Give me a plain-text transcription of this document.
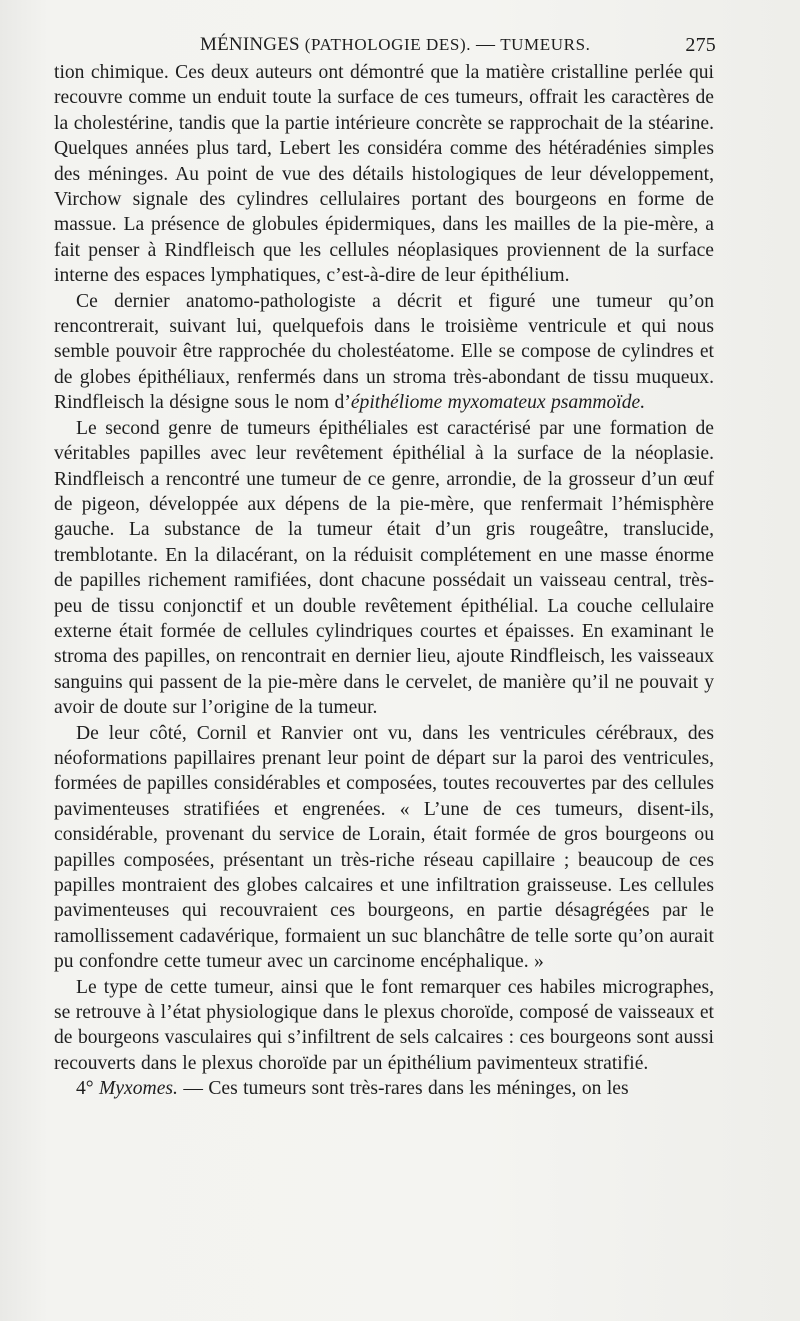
MÉNINGES (PATHOLOGIE DES). — TUMEURS.	275

tion chimique. Ces deux auteurs ont démontré que la matière cristalline perlée qui recouvre comme un enduit toute la surface de ces tumeurs, offrait les caractères de la cholestérine, tandis que la partie intérieure concrète se rapprochait de la stéarine. Quelques années plus tard, Lebert les considéra comme des hétéradénies simples des méninges. Au point de vue des détails histologiques de leur développement, Virchow signale des cylindres cellulaires portant des bourgeons en forme de massue. La présence de globules épidermiques, dans les mailles de la pie-mère, a fait penser à Rindfleisch que les cellules néoplasiques proviennent de la surface interne des espaces lymphatiques, c’est-à-dire de leur épithélium.

Ce dernier anatomo-pathologiste a décrit et figuré une tumeur qu’on rencontrerait, suivant lui, quelquefois dans le troisième ventricule et qui nous semble pouvoir être rapprochée du cholestéatome. Elle se compose de cylindres et de globes épithéliaux, renfermés dans un stroma très-abondant de tissu muqueux. Rindfleisch la désigne sous le nom d’épithéliome myxomateux psammoïde.

Le second genre de tumeurs épithéliales est caractérisé par une formation de véritables papilles avec leur revêtement épithélial à la surface de la néoplasie. Rindfleisch a rencontré une tumeur de ce genre, arrondie, de la grosseur d’un œuf de pigeon, développée aux dépens de la pie-mère, que renfermait l’hémisphère gauche. La substance de la tumeur était d’un gris rougeâtre, translucide, tremblotante. En la dilacérant, on la réduisit complétement en une masse énorme de papilles richement ramifiées, dont chacune possédait un vaisseau central, très-peu de tissu conjonctif et un double revêtement épithélial. La couche cellulaire externe était formée de cellules cylindriques courtes et épaisses. En examinant le stroma des papilles, on rencontrait en dernier lieu, ajoute Rindfleisch, les vaisseaux sanguins qui passent de la pie-mère dans le cervelet, de manière qu’il ne pouvait y avoir de doute sur l’origine de la tumeur.

De leur côté, Cornil et Ranvier ont vu, dans les ventricules cérébraux, des néoformations papillaires prenant leur point de départ sur la paroi des ventricules, formées de papilles considérables et composées, toutes recouvertes par des cellules pavimenteuses stratifiées et engrenées. « L’une de ces tumeurs, disent-ils, considérable, provenant du service de Lorain, était formée de gros bourgeons ou papilles composées, présentant un très-riche réseau capillaire ; beaucoup de ces papilles montraient des globes calcaires et une infiltration graisseuse. Les cellules pavimenteuses qui recouvraient ces bourgeons, en partie désagrégées par le ramollissement cadavérique, formaient un suc blanchâtre de telle sorte qu’on aurait pu confondre cette tumeur avec un carcinome encéphalique. »

Le type de cette tumeur, ainsi que le font remarquer ces habiles micrographes, se retrouve à l’état physiologique dans le plexus choroïde, composé de vaisseaux et de bourgeons vasculaires qui s’infiltrent de sels calcaires : ces bourgeons sont aussi recouverts dans le plexus choroïde par un épithélium pavimenteux stratifié.

4° Myxomes. — Ces tumeurs sont très-rares dans les méninges, on les
